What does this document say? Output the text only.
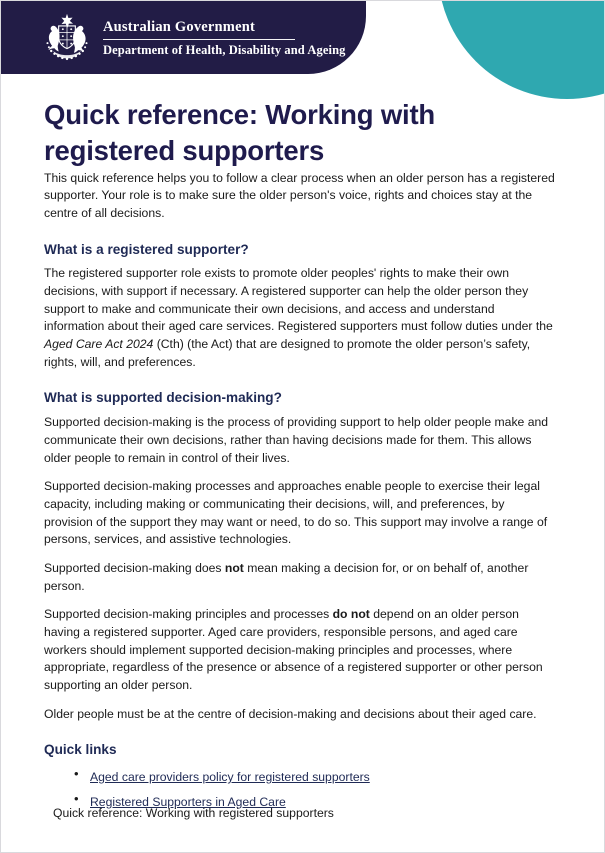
Australian Government
Department of Health, Disability and Ageing
Quick reference: Working with registered supporters

This quick reference helps you to follow a clear process when an older person has a registered supporter. Your role is to make sure the older person's voice, rights and choices stay at the centre of all decisions.

What is a registered supporter?

The registered supporter role exists to promote older peoples' rights to make their own decisions, with support if necessary. A registered supporter can help the older person they support to make and communicate their own decisions, and access and understand information about their aged care services. Registered supporters must follow duties under the Aged Care Act 2024 (Cth) (the Act) that are designed to promote the older person’s safety, rights, will, and preferences.

What is supported decision-making?

Supported decision-making is the process of providing support to help older people make and communicate their own decisions, rather than having decisions made for them. This allows older people to remain in control of their lives.

Supported decision-making processes and approaches enable people to exercise their legal capacity, including making or communicating their decisions, will, and preferences, by provision of the support they may want or need, to do so. This support may involve a range of persons, services, and assistive technologies.

Supported decision-making does not mean making a decision for, or on behalf of, another person.

Supported decision-making principles and processes do not depend on an older person having a registered supporter. Aged care providers, responsible persons, and aged care workers should implement supported decision-making principles and processes, where appropriate, regardless of the presence or absence of a registered supporter or other person supporting an older person.

Older people must be at the centre of decision-making and decisions about their aged care.

Quick links
• Aged care providers policy for registered supporters
• Registered Supporters in Aged Care
Quick reference: Working with registered supporters
